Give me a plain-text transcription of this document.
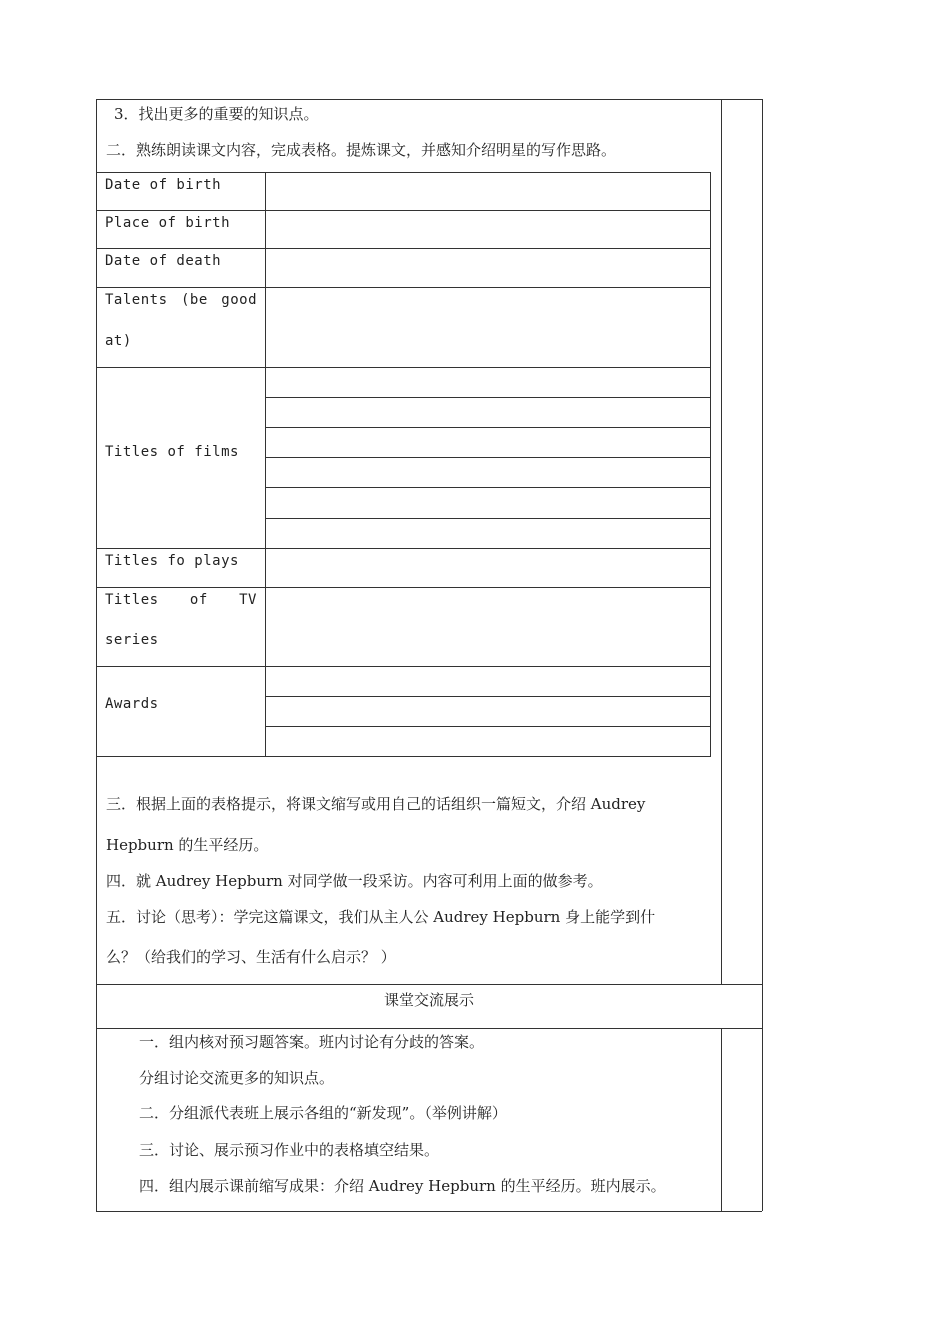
3．找出更多的重要的知识点。
二．熟练朗读课文内容，完成表格。提炼课文，并感知介绍明星的写作思路。
Date of birth
Place of birth
Date of death
Talents (be good
at)
Titles of films
Titles fo plays
Titles of TV
series
Awards
三．根据上面的表格提示，将课文缩写或用自己的话组织一篇短文，介绍 Audrey
Hepburn 的生平经历。
四．就 Audrey Hepburn 对同学做一段采访。内容可利用上面的做参考。
五．讨论（思考）：学完这篇课文，我们从主人公 Audrey Hepburn 身上能学到什
么？（给我们的学习、生活有什么启示？ ）
课堂交流展示
一．组内核对预习题答案。班内讨论有分歧的答案。
分组讨论交流更多的知识点。
二．分组派代表班上展示各组的“新发现”。（举例讲解）
三．讨论、展示预习作业中的表格填空结果。
四．组内展示课前缩写成果：介绍 Audrey Hepburn 的生平经历。班内展示。
